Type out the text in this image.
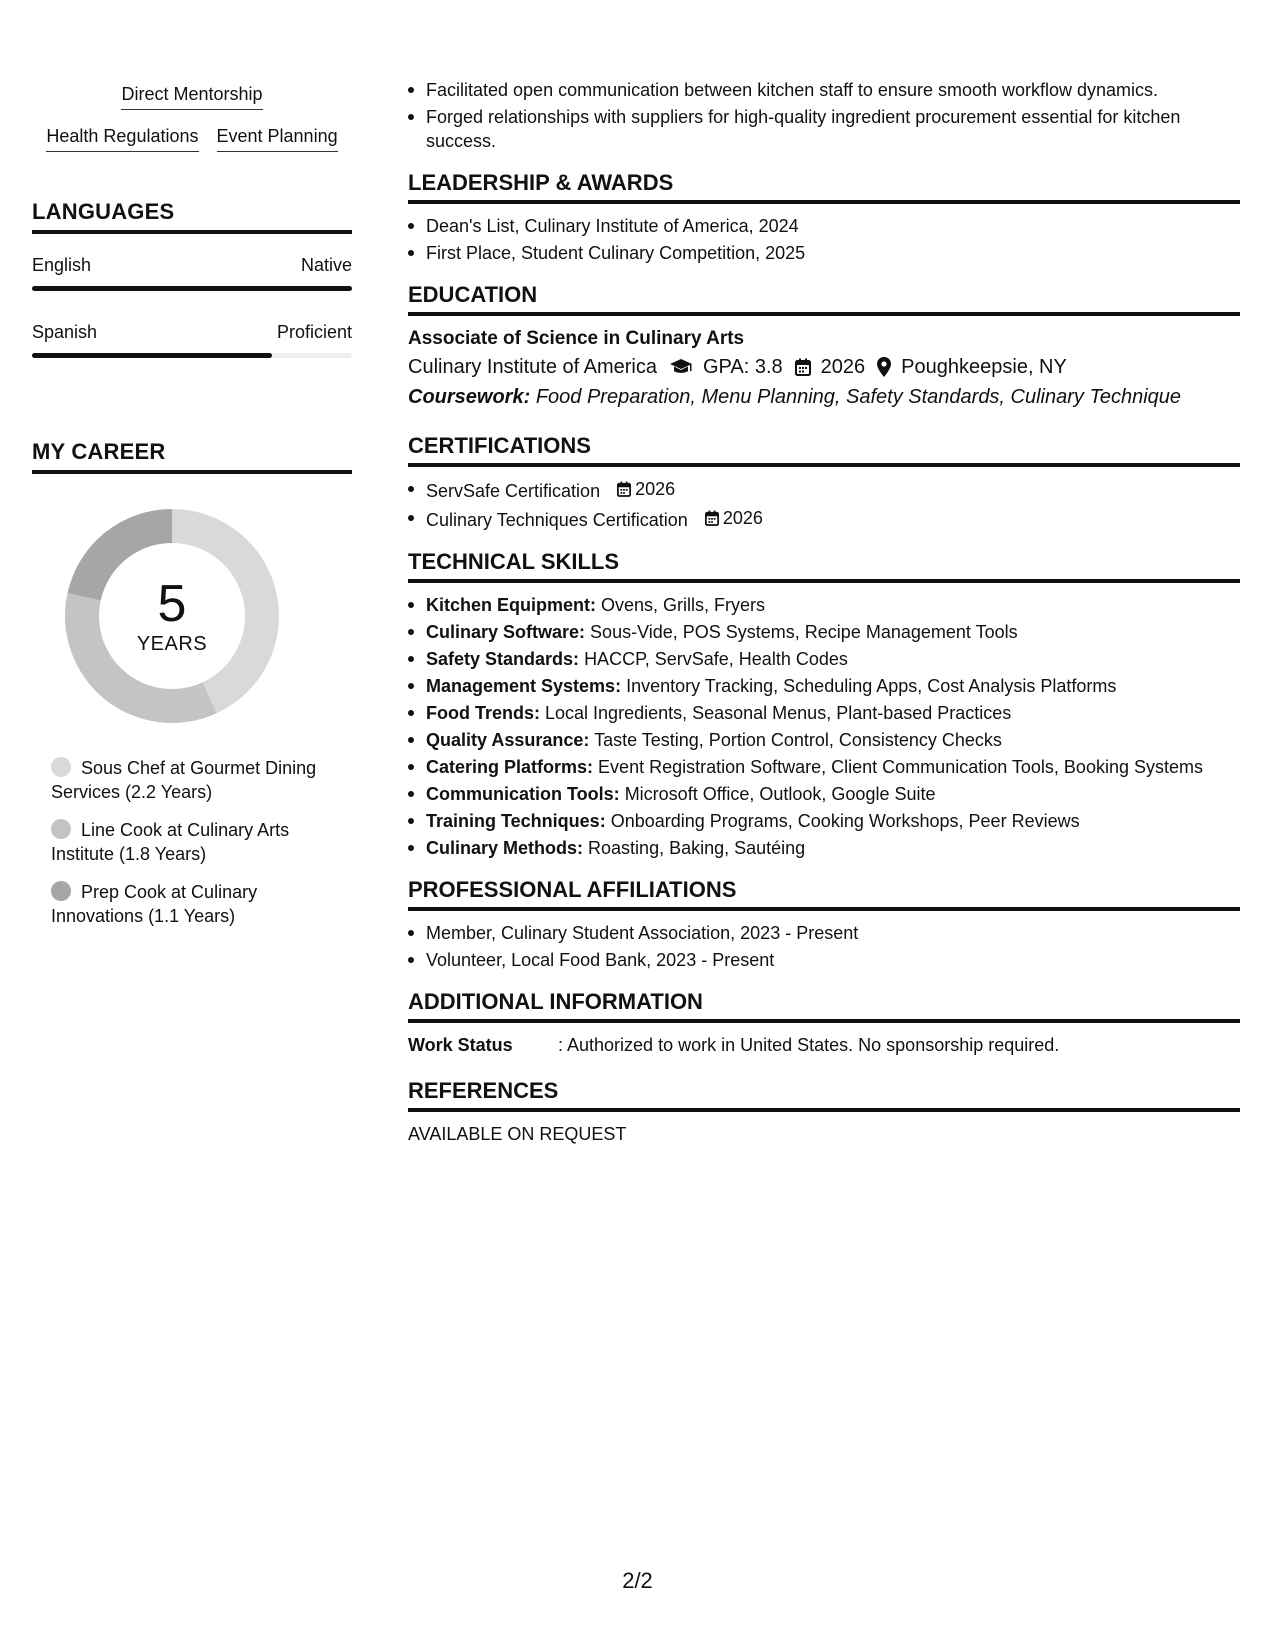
Direct Mentorship
Health Regulations Event Planning
LANGUAGES
English	Native
Spanish	Proficient
MY CAREER
5
YEARS
Sous Chef at Gourmet Dining Services (2.2 Years)
Line Cook at Culinary Arts Institute (1.8 Years)
Prep Cook at Culinary Innovations (1.1 Years)
Facilitated open communication between kitchen staff to ensure smooth workflow dynamics.
Forged relationships with suppliers for high-quality ingredient procurement essential for kitchen success.
LEADERSHIP & AWARDS
Dean's List, Culinary Institute of America, 2024
First Place, Student Culinary Competition, 2025
EDUCATION
Associate of Science in Culinary Arts
Culinary Institute of America GPA: 3.8 2026 Poughkeepsie, NY
Coursework: Food Preparation, Menu Planning, Safety Standards, Culinary Technique
CERTIFICATIONS
ServSafe Certification 2026
Culinary Techniques Certification 2026
TECHNICAL SKILLS
Kitchen Equipment: Ovens, Grills, Fryers
Culinary Software: Sous-Vide, POS Systems, Recipe Management Tools
Safety Standards: HACCP, ServSafe, Health Codes
Management Systems: Inventory Tracking, Scheduling Apps, Cost Analysis Platforms
Food Trends: Local Ingredients, Seasonal Menus, Plant-based Practices
Quality Assurance: Taste Testing, Portion Control, Consistency Checks
Catering Platforms: Event Registration Software, Client Communication Tools, Booking Systems
Communication Tools: Microsoft Office, Outlook, Google Suite
Training Techniques: Onboarding Programs, Cooking Workshops, Peer Reviews
Culinary Methods: Roasting, Baking, Sautéing
PROFESSIONAL AFFILIATIONS
Member, Culinary Student Association, 2023 - Present
Volunteer, Local Food Bank, 2023 - Present
ADDITIONAL INFORMATION
Work Status	: Authorized to work in United States. No sponsorship required.
REFERENCES
AVAILABLE ON REQUEST
2/2
